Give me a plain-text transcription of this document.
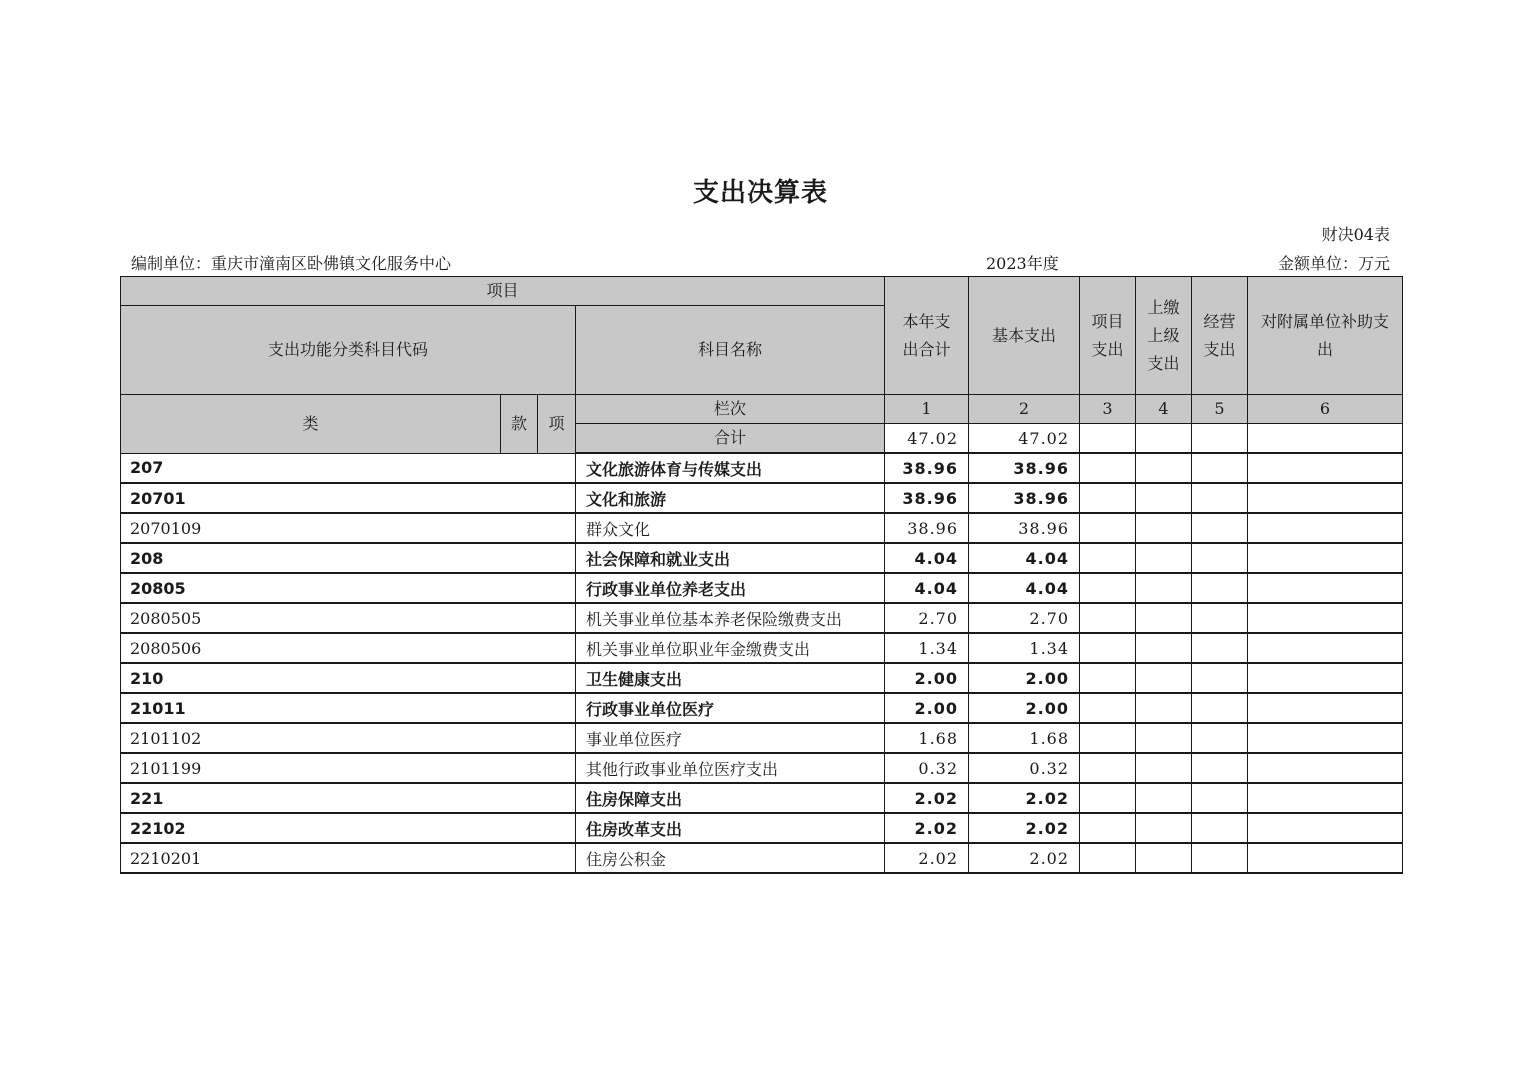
支出决算表
财决04表
编制单位：重庆市潼南区卧佛镇文化服务中心	2023年度	金额单位：万元
项目				本年支出合计	基本支出	项目支出	上缴上级支出	经营支出	对附属单位补助支出
支出功能分类科目代码			科目名称						
类	款	项	栏次	1	2	3	4	5	6
			合计	47.02	47.02				
207			文化旅游体育与传媒支出	38.96	38.96				
20701			文化和旅游	38.96	38.96				
2070109			群众文化	38.96	38.96				
208			社会保障和就业支出	4.04	4.04				
20805			行政事业单位养老支出	4.04	4.04				
2080505			机关事业单位基本养老保险缴费支出	2.70	2.70				
2080506			机关事业单位职业年金缴费支出	1.34	1.34				
210			卫生健康支出	2.00	2.00				
21011			行政事业单位医疗	2.00	2.00				
2101102			事业单位医疗	1.68	1.68				
2101199			其他行政事业单位医疗支出	0.32	0.32				
221			住房保障支出	2.02	2.02				
22102			住房改革支出	2.02	2.02				
2210201			住房公积金	2.02	2.02				
